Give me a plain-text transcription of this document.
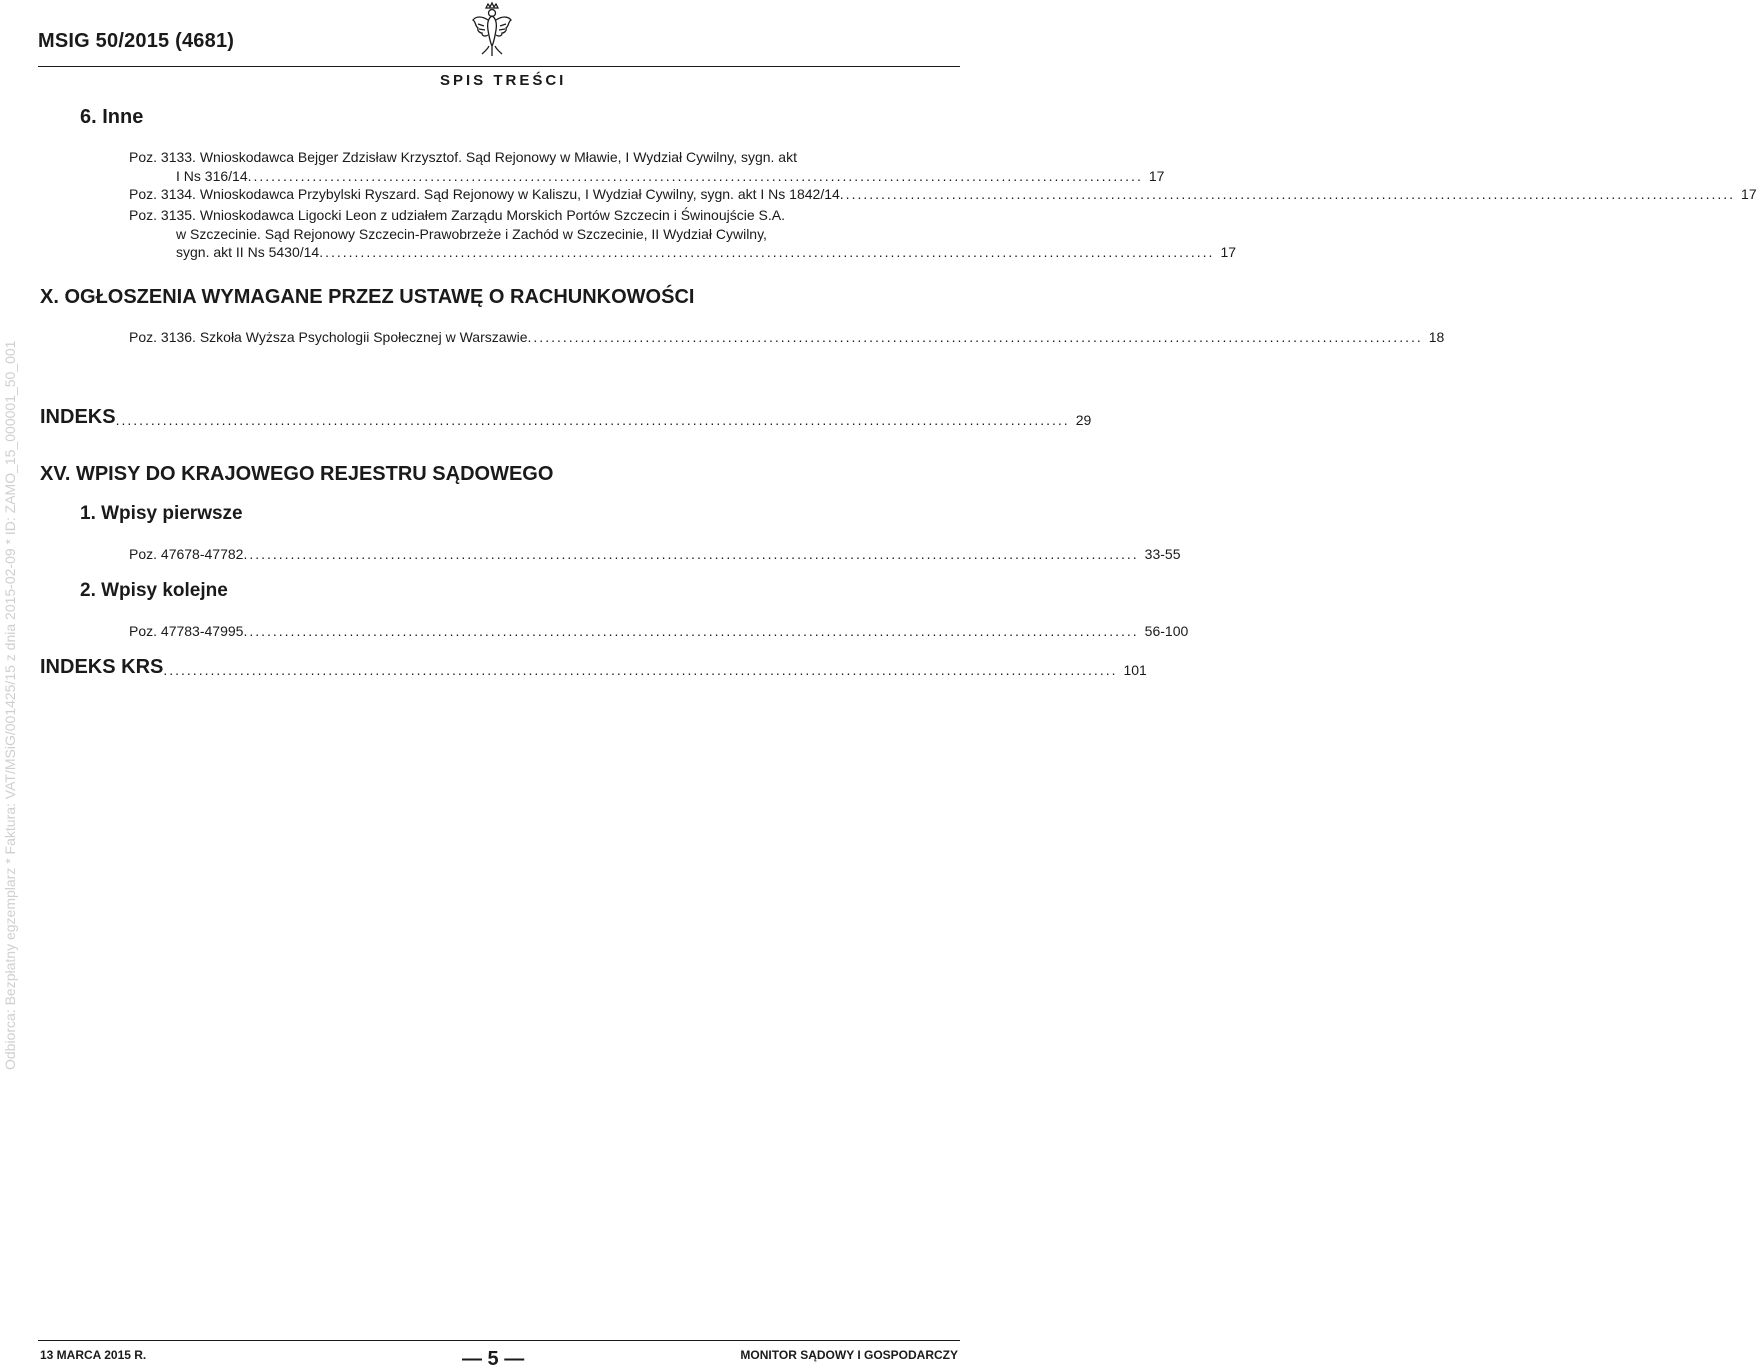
MSIG 50/2015 (4681)
SPIS TREŚCI
Odbiorca: Bezpłatny egzemplarz * Faktura: VAT/MSiG/001425/15 z dnia 2015-02-09 * ID: ZAMO_15_000001_50_001
6. Inne
Poz. 3133. Wnioskodawca Bejger Zdzisław Krzysztof. Sąd Rejonowy w Mławie, I Wydział Cywilny, sygn. akt
I Ns 316/14 ........................................................................................................................................................ 17
Poz. 3134. Wnioskodawca Przybylski Ryszard. Sąd Rejonowy w Kaliszu, I Wydział Cywilny, sygn. akt I Ns 1842/14 ........................................................................................................................................................ 17
Poz. 3135. Wnioskodawca Ligocki Leon z udziałem Zarządu Morskich Portów Szczecin i Świnoujście S.A.
w Szczecinie. Sąd Rejonowy Szczecin-Prawobrzeże i Zachód w Szczecinie, II Wydział Cywilny,
sygn. akt II Ns 5430/14 ........................................................................................................................................................ 17
X. OGŁOSZENIA WYMAGANE PRZEZ USTAWĘ O RACHUNKOWOŚCI
Poz. 3136. Szkoła Wyższa Psychologii Społecznej w Warszawie ........................................................................................................................................................ 18
INDEKS .................................................................................................................................................................. 29
XV. WPISY DO KRAJOWEGO REJESTRU SĄDOWEGO
1. Wpisy pierwsze
Poz. 47678-47782 ........................................................................................................................................................ 33-55
2. Wpisy kolejne
Poz. 47783-47995 ........................................................................................................................................................ 56-100
INDEKS KRS .................................................................................................................................................................. 101
13 MARCA 2015 R.	— 5 —	MONITOR SĄDOWY I GOSPODARCZY
